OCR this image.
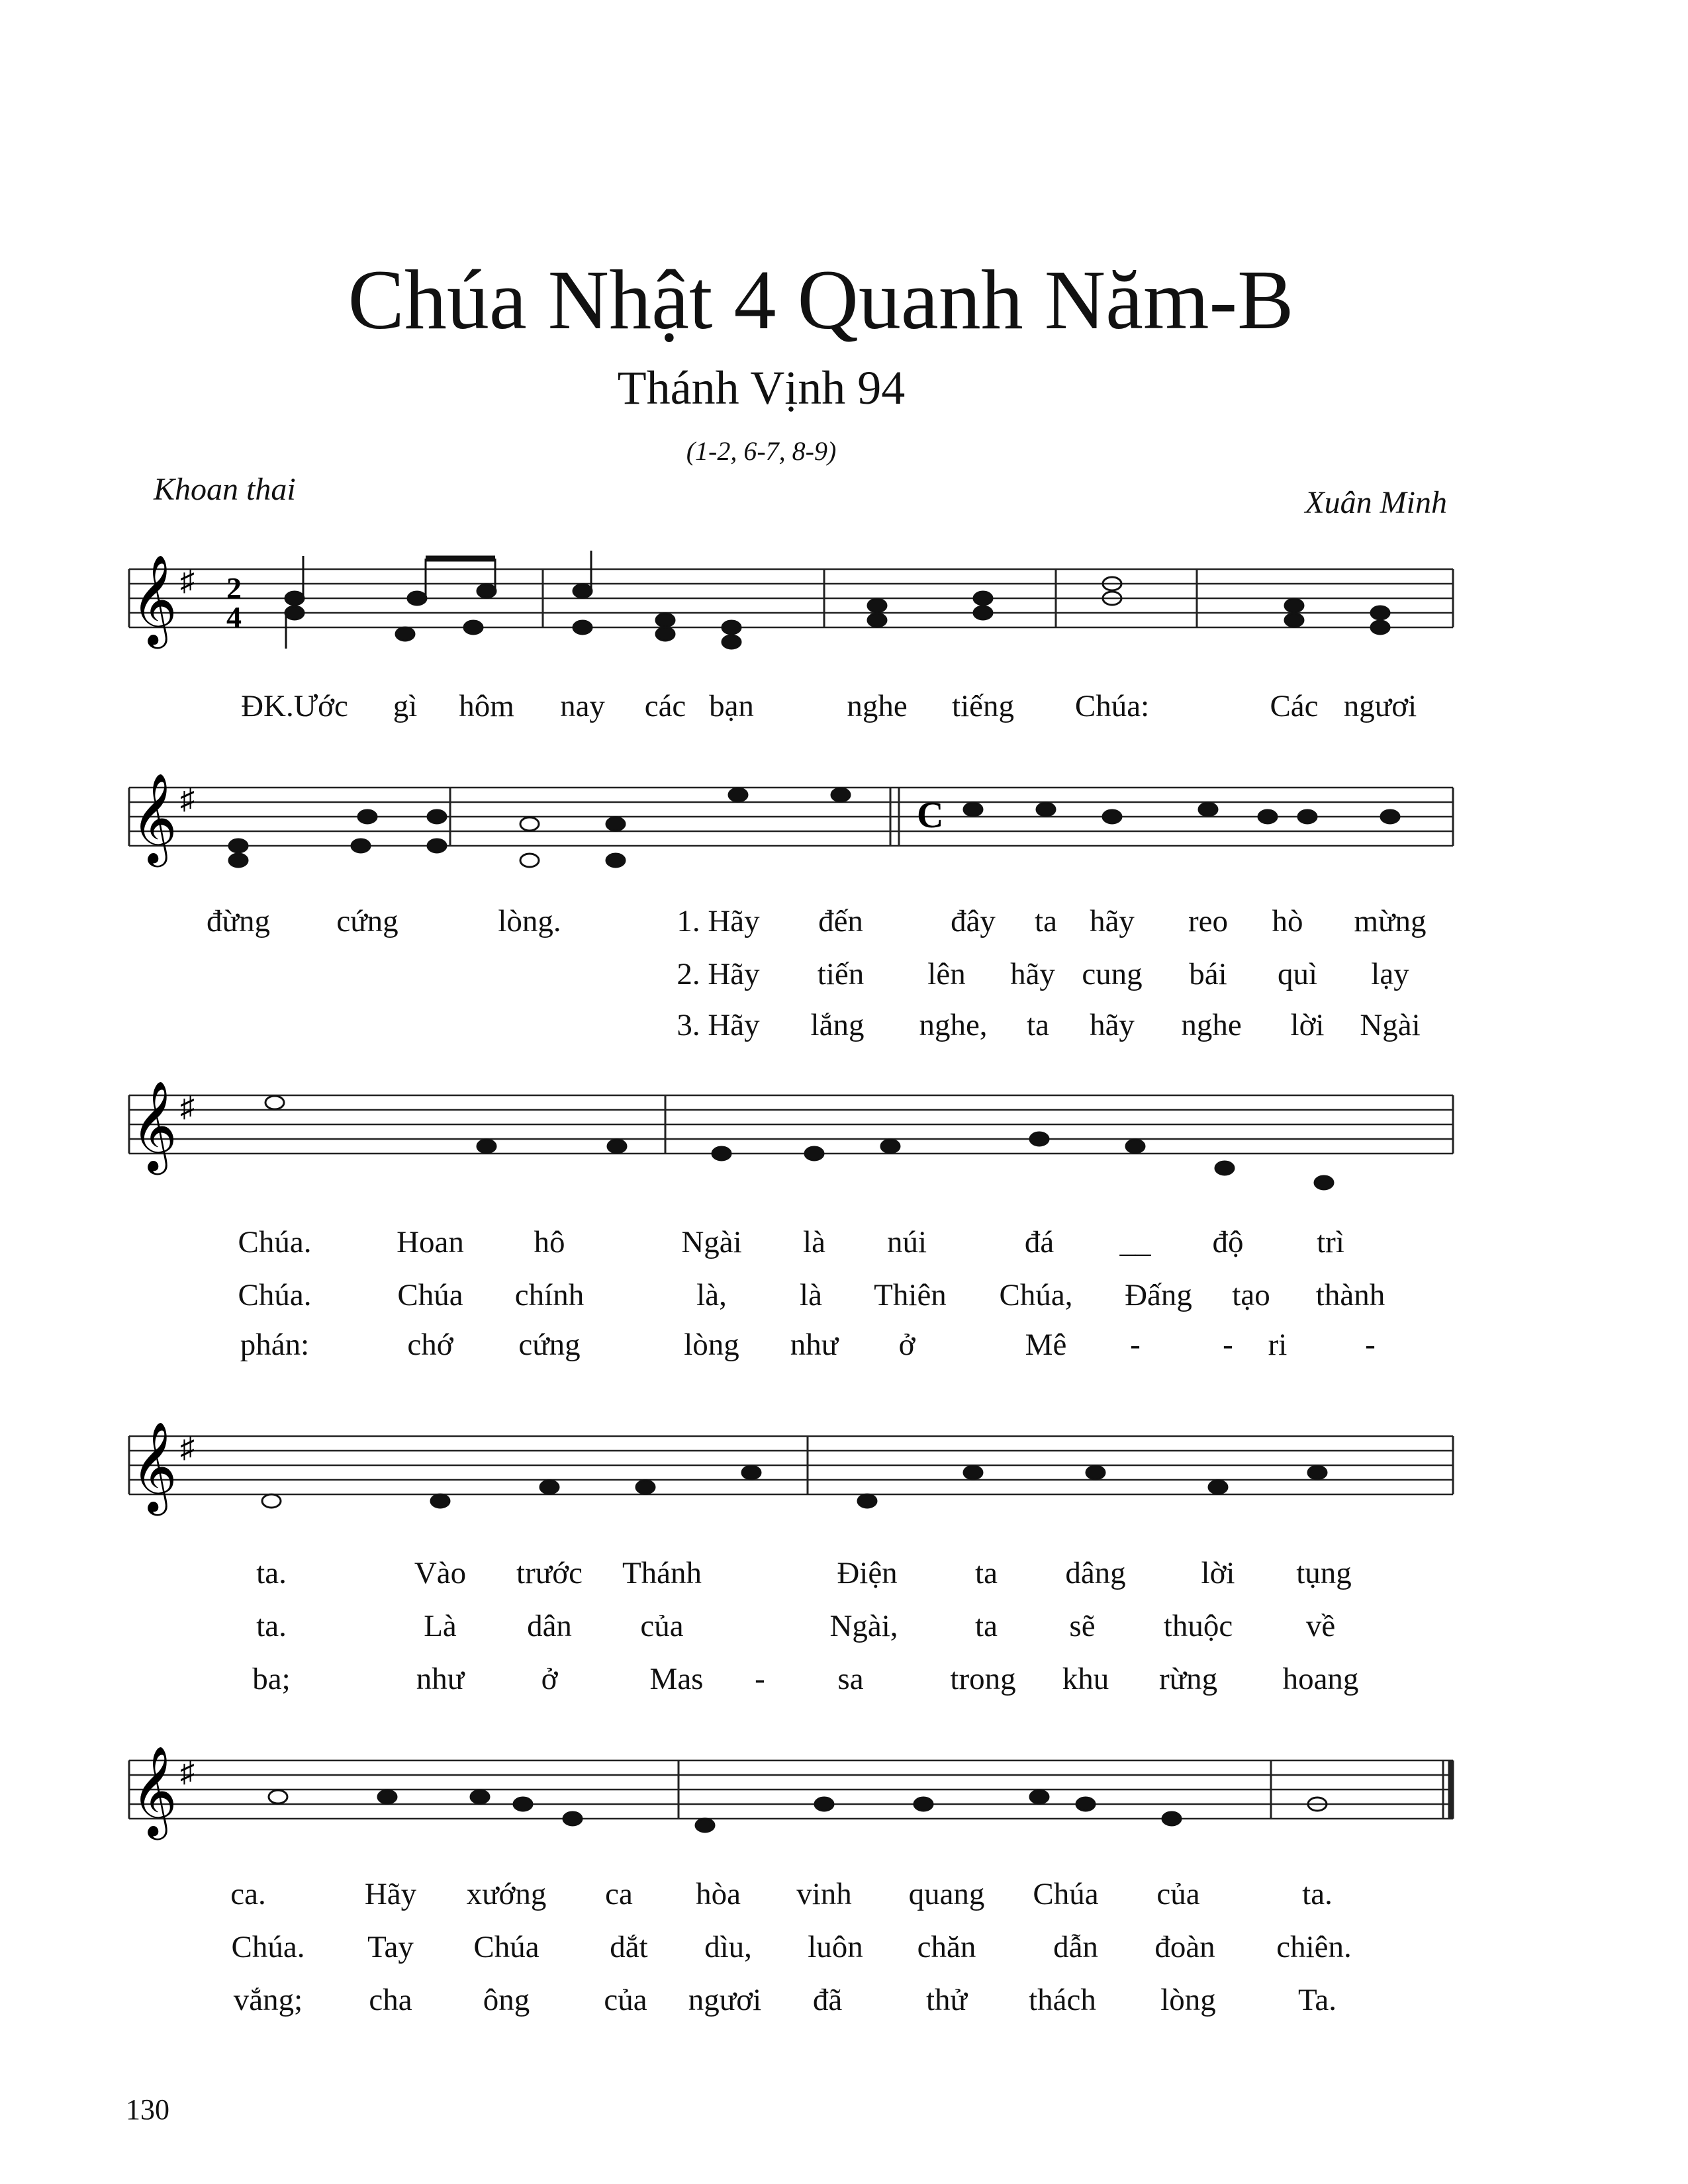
Chúa Nhật 4 Quanh Năm-B
Thánh Vịnh 94
(1-2, 6-7, 8-9)
Khoan thai	Xuân Minh
𝄞 ♯ 2
4
𝄞 ♯	C
𝄞 ♯
𝄞 ♯
𝄞 ♯
ĐK.Ước gì hôm nay các bạn	nghe tiếng Chúa:	Các ngươi
đừng cứng	lòng.	1. Hãy đến	đây ta hãy reo hò mừng
2. Hãy tiến lên hãy cung bái quì lạy
3. Hãy lắng nghe, ta hãy nghe lời Ngài
Chúa.	Hoan hô	Ngài là núi	đá __ độ trì
Chúa.	Chúa chính	là, là Thiên Chúa, Đấng tạo thành
phán:	chớ cứng	lòng như ở	Mê -	- ri	-
ta.	Vào trước Thánh	Điện ta dâng lời tụng
ta.	Là dân của	Ngài, ta sẽ thuộc về
ba;	như ở	Mas - sa	trong khu rừng hoang
ca.	Hãy xướng ca hòa vinh quang Chúa của	ta.
Chúa. Tay Chúa dắt dìu, luôn chăn dẫn đoàn chiên.
vắng; cha ông của ngươi đã	thử thách lòng	Ta.
130
